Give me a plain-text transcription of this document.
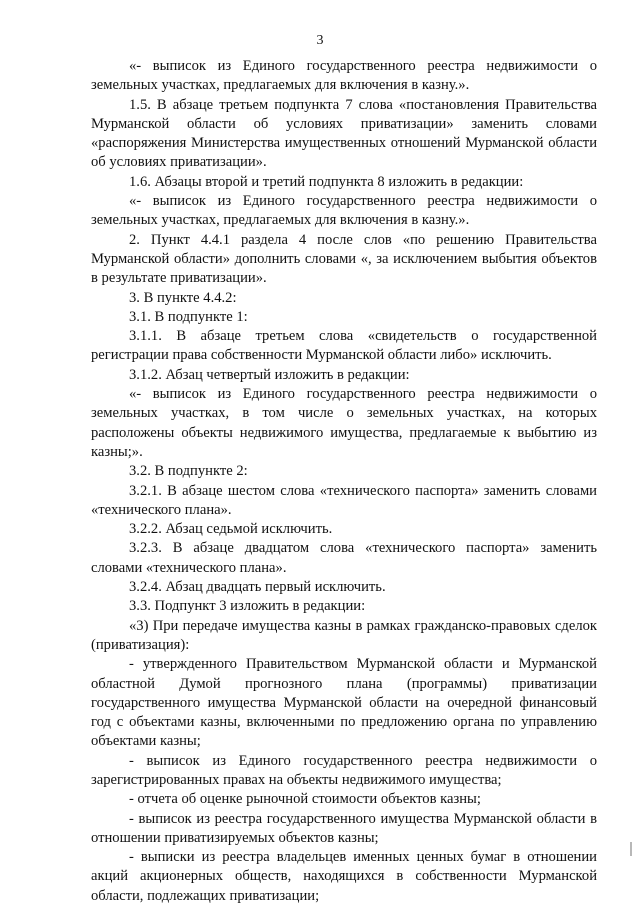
3

«- выписок из Единого государственного реестра недвижимости о земельных участках, предлагаемых для включения в казну.».

1.5. В абзаце третьем подпункта 7 слова «постановления Правительства Мурманской области об условиях приватизации» заменить словами «распоряжения Министерства имущественных отношений Мурманской области об условиях приватизации».

1.6. Абзацы второй и третий подпункта 8 изложить в редакции:

«- выписок из Единого государственного реестра недвижимости о земельных участках, предлагаемых для включения в казну.».

2. Пункт 4.4.1 раздела 4 после слов «по решению Правительства Мурманской области» дополнить словами «, за исключением выбытия объектов в результате приватизации».

3. В пункте 4.4.2:

3.1. В подпункте 1:

3.1.1. В абзаце третьем слова «свидетельств о государственной регистрации права собственности Мурманской области либо» исключить.

3.1.2. Абзац четвертый изложить в редакции:

«- выписок из Единого государственного реестра недвижимости о земельных участках, в том числе о земельных участках, на которых расположены объекты недвижимого имущества, предлагаемые к выбытию из казны;».

3.2. В подпункте 2:

3.2.1. В абзаце шестом слова «технического паспорта» заменить словами «технического плана».

3.2.2. Абзац седьмой исключить.

3.2.3. В абзаце двадцатом слова «технического паспорта» заменить словами «технического плана».

3.2.4. Абзац двадцать первый исключить.

3.3. Подпункт 3 изложить в редакции:

«3) При передаче имущества казны в рамках гражданско-правовых сделок (приватизация):

- утвержденного Правительством Мурманской области и Мурманской областной Думой прогнозного плана (программы) приватизации государственного имущества Мурманской области на очередной финансовый год с объектами казны, включенными по предложению органа по управлению объектами казны;

- выписок из Единого государственного реестра недвижимости о зарегистрированных правах на объекты недвижимого имущества;

- отчета об оценке рыночной стоимости объектов казны;

- выписок из реестра государственного имущества Мурманской области в отношении приватизируемых объектов казны;

- выписки из реестра владельцев именных ценных бумаг в отношении акций акционерных обществ, находящихся в собственности Мурманской области, подлежащих приватизации;
